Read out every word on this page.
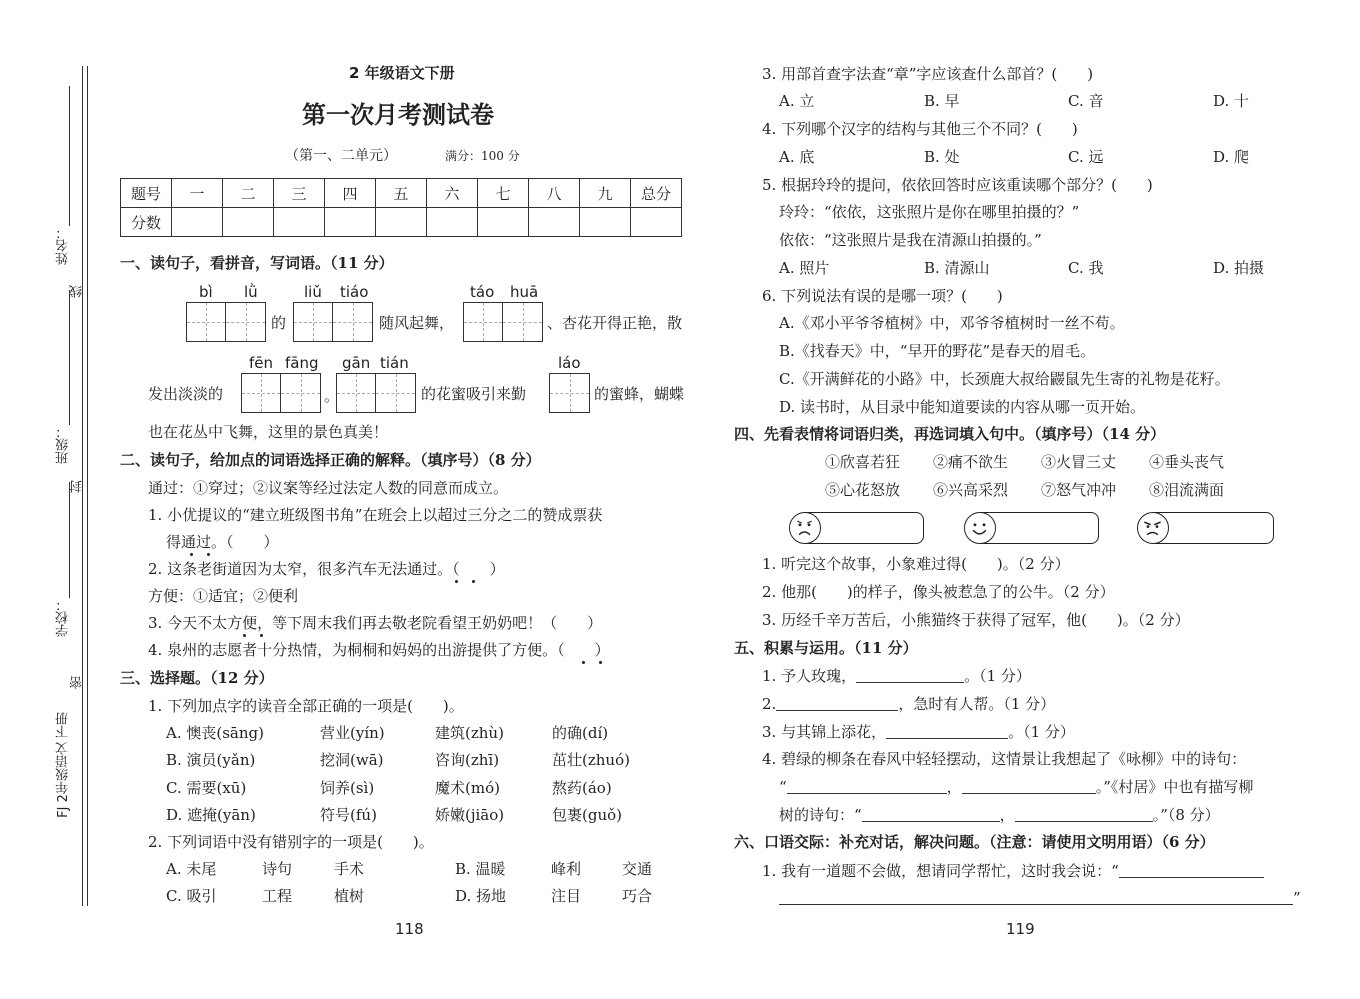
姓名：
线
班级：
封
学校：
密
FJ 2年级语文 下册
2 年级语文下册
第一次月考测试卷
（第一、二单元）	满分：100 分
题号	一	二	三	四	五	六	七	八	九	总分
分数										
一、读句子，看拼音，写词语。（11 分）
bì lǜ	liǔ tiáo	táo huā
的	随风起舞，	、杏花开得正艳，散
fēn fāng gān tián	láo
发出淡淡的	。	的花蜜吸引来勤	的蜜蜂，蝴蝶
也在花丛中飞舞，这里的景色真美！
二、读句子，给加点的词语选择正确的解释。（填序号）（8 分）
通过：①穿过；②议案等经过法定人数的同意而成立。
1. 小优提议的“建立班级图书角”在班会上以超过三分之二的赞成票获
得通过。（　　）
2. 这条老街道因为太窄，很多汽车无法通过。（　　）
方便：①适宜；②便利
3. 今天不太方便，等下周末我们再去敬老院看望王奶奶吧！（　　）
4. 泉州的志愿者十分热情，为桐桐和妈妈的出游提供了方便。（　　）
三、选择题。（12 分）
1. 下列加点字的读音全部正确的一项是(　　)。
A. 懊丧(sāng)	营业(yín)	建筑(zhù)	的确(dí)
B. 演员(yǎn)	挖洞(wā)	咨询(zhī)	茁壮(zhuó)
C. 需要(xū)	饲养(sì)	魔术(mó)	熬药(áo)
D. 遮掩(yān)	符号(fú)	娇嫩(jiāo)	包裹(guǒ)
2. 下列词语中没有错别字的一项是(　　)。
A. 未尾	诗句	手术	B. 温暖	峰利	交通
C. 吸引	工程	植树	D. 扬地	注目	巧合
118
3. 用部首查字法查“章”字应该查什么部首？(　　)
A. 立	B. 早	C. 音	D. 十
4. 下列哪个汉字的结构与其他三个不同？(　　)
A. 底	B. 处	C. 远	D. 爬
5. 根据玲玲的提问，依依回答时应该重读哪个部分？(　　)
玲玲：“依依，这张照片是你在哪里拍摄的？”
依依：“这张照片是我在清源山拍摄的。”
A. 照片	B. 清源山	C. 我	D. 拍摄
6. 下列说法有误的是哪一项？(　　)
A.《邓小平爷爷植树》中，邓爷爷植树时一丝不苟。
B.《找春天》中，“早开的野花”是春天的眉毛。
C.《开满鲜花的小路》中，长颈鹿大叔给鼹鼠先生寄的礼物是花籽。
D. 读书时，从目录中能知道要读的内容从哪一页开始。
四、先看表情将词语归类，再选词填入句中。（填序号）（14 分）
①欣喜若狂 ②痛不欲生 ③火冒三丈 ④垂头丧气
⑤心花怒放 ⑥兴高采烈 ⑦怒气冲冲 ⑧泪流满面
1. 听完这个故事，小象难过得(　　)。（2 分）
2. 他那(　　)的样子，像头被惹急了的公牛。（2 分）
3. 历经千辛万苦后，小熊猫终于获得了冠军，他(　　)。（2 分）
五、积累与运用。（11 分）
1. 予人玫瑰，	。（1 分）
2.	，急时有人帮。（1 分）
3. 与其锦上添花，	。（1 分）
4. 碧绿的柳条在春风中轻轻摆动，这情景让我想起了《咏柳》中的诗句：
“	，	。”《村居》中也有描写柳
树的诗句：“	，	。”（8 分）
六、口语交际：补充对话，解决问题。（注意：请使用文明用语）（6 分）
1. 我有一道题不会做，想请同学帮忙，这时我会说：“
”
119
